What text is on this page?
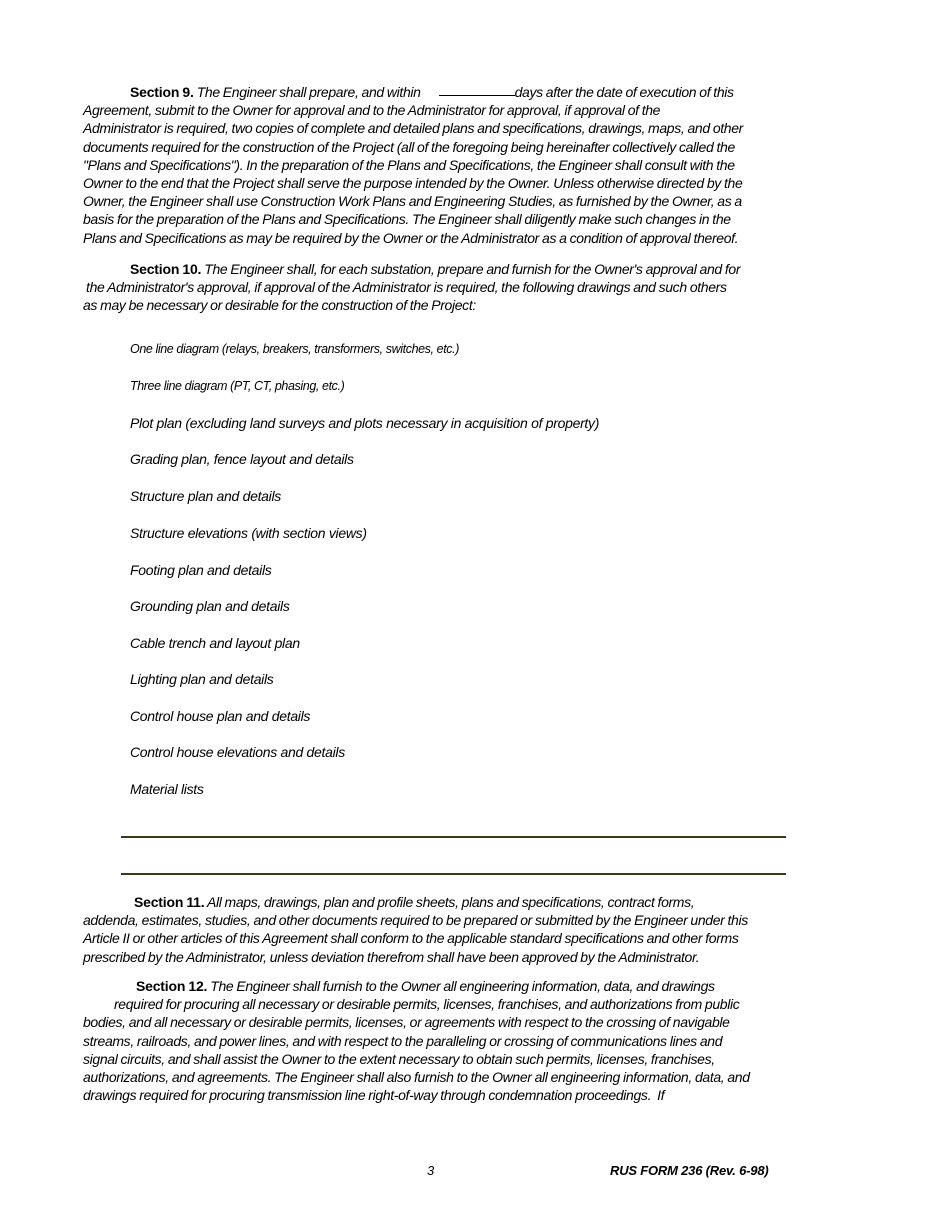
Section 9. The Engineer shall prepare, and within	days after the date of execution of this
Agreement, submit to the Owner for approval and to the Administrator for approval, if approval of the
Administrator is required, two copies of complete and detailed plans and specifications, drawings, maps, and other
documents required for the construction of the Project (all of the foregoing being hereinafter collectively called the
"Plans and Specifications"). In the preparation of the Plans and Specifications, the Engineer shall consult with the
Owner to the end that the Project shall serve the purpose intended by the Owner. Unless otherwise directed by the
Owner, the Engineer shall use Construction Work Plans and Engineering Studies, as furnished by the Owner, as a
basis for the preparation of the Plans and Specifications. The Engineer shall diligently make such changes in the
Plans and Specifications as may be required by the Owner or the Administrator as a condition of approval thereof.
Section 10. The Engineer shall, for each substation, prepare and furnish for the Owner's approval and for
the Administrator's approval, if approval of the Administrator is required, the following drawings and such others
as may be necessary or desirable for the construction of the Project:
One line diagram (relays, breakers, transformers, switches, etc.)
Three line diagram (PT, CT, phasing, etc.)
Plot plan (excluding land surveys and plots necessary in acquisition of property)
Grading plan, fence layout and details
Structure plan and details
Structure elevations (with section views)
Footing plan and details
Grounding plan and details
Cable trench and layout plan
Lighting plan and details
Control house plan and details
Control house elevations and details
Material lists
Section 11. All maps, drawings, plan and profile sheets, plans and specifications, contract forms,
addenda, estimates, studies, and other documents required to be prepared or submitted by the Engineer under this
Article II or other articles of this Agreement shall conform to the applicable standard specifications and other forms
prescribed by the Administrator, unless deviation therefrom shall have been approved by the Administrator.
Section 12. The Engineer shall furnish to the Owner all engineering information, data, and drawings
required for procuring all necessary or desirable permits, licenses, franchises, and authorizations from public
bodies, and all necessary or desirable permits, licenses, or agreements with respect to the crossing of navigable
streams, railroads, and power lines, and with respect to the paralleling or crossing of communications lines and
signal circuits, and shall assist the Owner to the extent necessary to obtain such permits, licenses, franchises,
authorizations, and agreements. The Engineer shall also furnish to the Owner all engineering information, data, and
drawings required for procuring transmission line right-of-way through condemnation proceedings.  If
3	RUS FORM 236 (Rev. 6-98)
